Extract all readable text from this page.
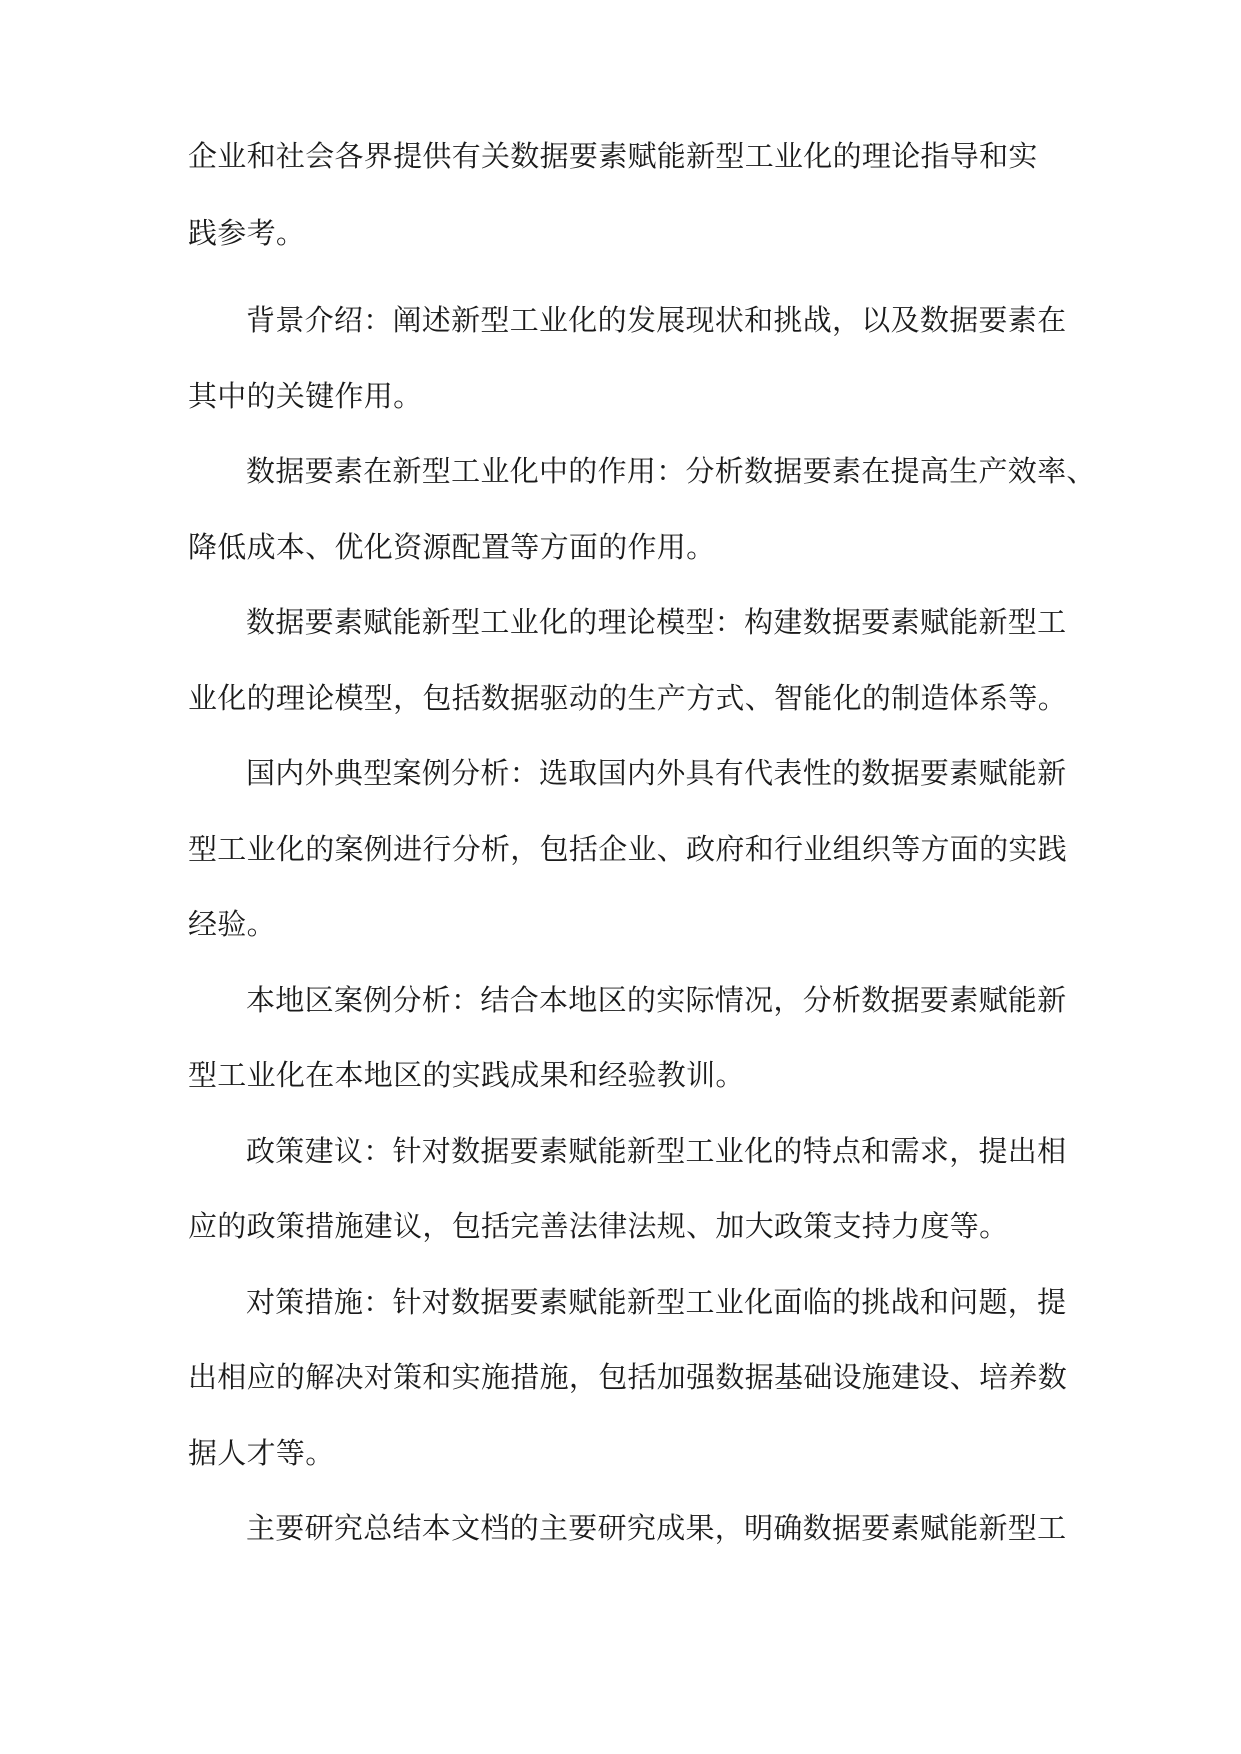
企业和社会各界提供有关数据要素赋能新型工业化的理论指导和实
践参考。
背景介绍：阐述新型工业化的发展现状和挑战，以及数据要素在
其中的关键作用。
数据要素在新型工业化中的作用：分析数据要素在提高生产效率、
降低成本、优化资源配置等方面的作用。
数据要素赋能新型工业化的理论模型：构建数据要素赋能新型工
业化的理论模型，包括数据驱动的生产方式、智能化的制造体系等。
国内外典型案例分析：选取国内外具有代表性的数据要素赋能新
型工业化的案例进行分析，包括企业、政府和行业组织等方面的实践
经验。
本地区案例分析：结合本地区的实际情况，分析数据要素赋能新
型工业化在本地区的实践成果和经验教训。
政策建议：针对数据要素赋能新型工业化的特点和需求，提出相
应的政策措施建议，包括完善法律法规、加大政策支持力度等。
对策措施：针对数据要素赋能新型工业化面临的挑战和问题，提
出相应的解决对策和实施措施，包括加强数据基础设施建设、培养数
据人才等。
主要研究总结本文档的主要研究成果，明确数据要素赋能新型工
